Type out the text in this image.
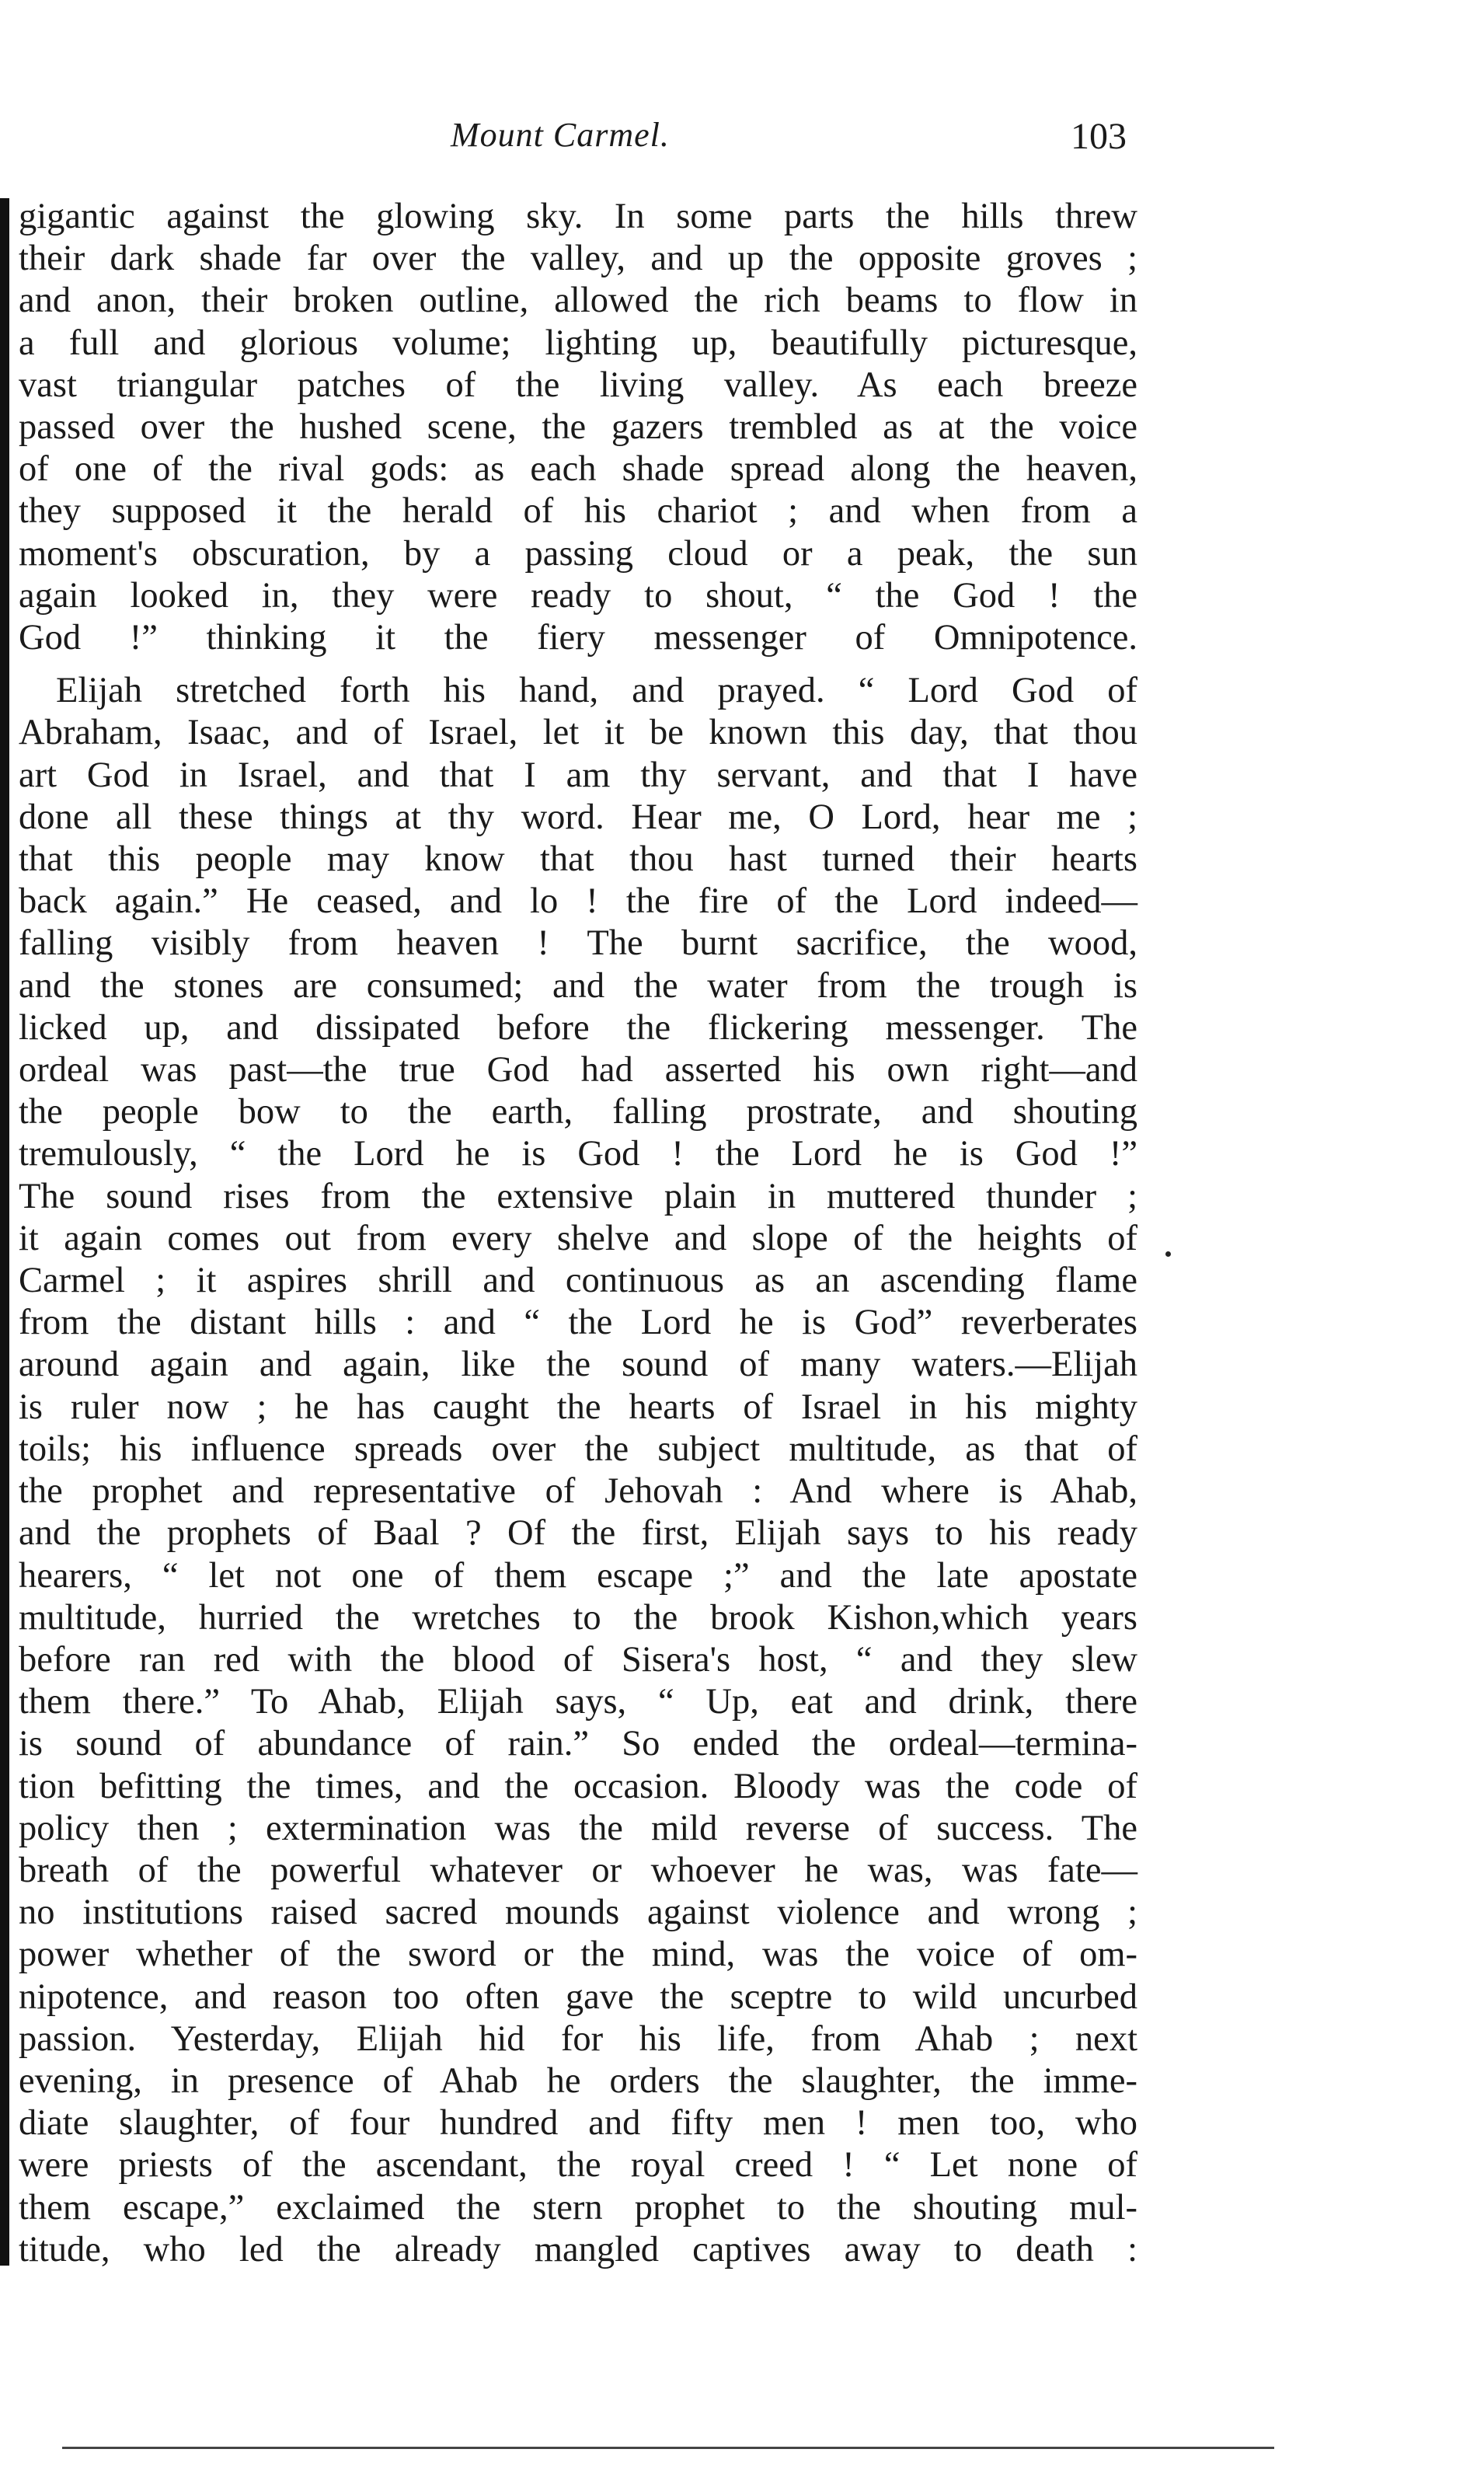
Mount Carmel.	103

gigantic against the glowing sky. In some parts the hills threw
their dark shade far over the valley, and up the opposite groves ;
and anon, their broken outline, allowed the rich beams to flow in
a full and glorious volume; lighting up, beautifully picturesque,
vast triangular patches of the living valley. As each breeze
passed over the hushed scene, the gazers trembled as at the voice
of one of the rival gods: as each shade spread along the heaven,
they supposed it the herald of his chariot ; and when from a
moment's obscuration, by a passing cloud or a peak, the sun
again looked in, they were ready to shout, “ the God ! the
God !” thinking it the fiery messenger of Omnipotence.

Elijah stretched forth his hand, and prayed. “ Lord God of
Abraham, Isaac, and of Israel, let it be known this day, that thou
art God in Israel, and that I am thy servant, and that I have
done all these things at thy word. Hear me, O Lord, hear me ;
that this people may know that thou hast turned their hearts
back again.” He ceased, and lo ! the fire of the Lord indeed—
falling visibly from heaven ! The burnt sacrifice, the wood,
and the stones are consumed; and the water from the trough is
licked up, and dissipated before the flickering messenger. The
ordeal was past—the true God had asserted his own right—and
the people bow to the earth, falling prostrate, and shouting
tremulously, “ the Lord he is God ! the Lord he is God !”
The sound rises from the extensive plain in muttered thunder ;
it again comes out from every shelve and slope of the heights of
Carmel ; it aspires shrill and continuous as an ascending flame
from the distant hills : and “ the Lord he is God” reverberates
around again and again, like the sound of many waters.—Elijah
is ruler now ; he has caught the hearts of Israel in his mighty
toils; his influence spreads over the subject multitude, as that of
the prophet and representative of Jehovah : And where is Ahab,
and the prophets of Baal ? Of the first, Elijah says to his ready
hearers, “ let not one of them escape ;” and the late apostate
multitude, hurried the wretches to the brook Kishon,which years
before ran red with the blood of Sisera's host, “ and they slew
them there.” To Ahab, Elijah says, “ Up, eat and drink, there
is sound of abundance of rain.” So ended the ordeal—termina-
tion befitting the times, and the occasion. Bloody was the code of
policy then ; extermination was the mild reverse of success. The
breath of the powerful whatever or whoever he was, was fate—
no institutions raised sacred mounds against violence and wrong ;
power whether of the sword or the mind, was the voice of om-
nipotence, and reason too often gave the sceptre to wild uncurbed
passion. Yesterday, Elijah hid for his life, from Ahab ; next
evening, in presence of Ahab he orders the slaughter, the imme-
diate slaughter, of four hundred and fifty men ! men too, who
were priests of the ascendant, the royal creed ! “ Let none of
them escape,” exclaimed the stern prophet to the shouting mul-
titude, who led the already mangled captives away to death :
